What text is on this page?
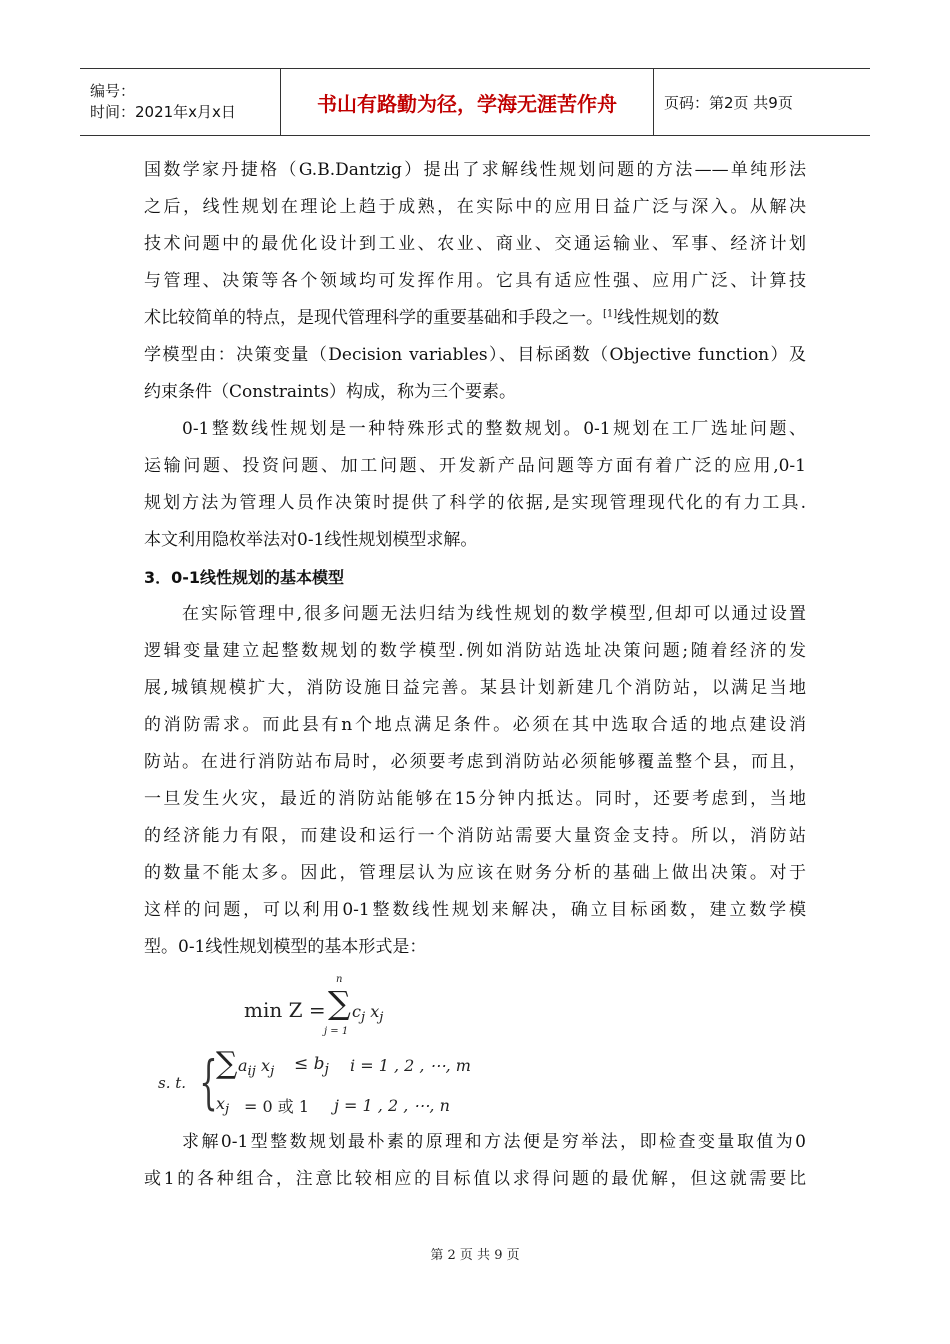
编号：
时间：2021年x月x日	书山有路勤为径，学海无涯苦作舟	页码：第2页 共9页
国数学家丹捷格（G.B.Dantzig）提出了求解线性规划问题的方法——单纯形法
之后，线性规划在理论上趋于成熟，在实际中的应用日益广泛与深入。从解决
技术问题中的最优化设计到工业、农业、商业、交通运输业、军事、经济计划
与管理、决策等各个领域均可发挥作用。它具有适应性强、应用广泛、计算技
术比较简单的特点，是现代管理科学的重要基础和手段之一。[1]线性规划的数
学模型由：决策变量（Decision variables）、目标函数（Objective function）及
约束条件（Constraints）构成，称为三个要素。
0-1整数线性规划是一种特殊形式的整数规划。0-1规划在工厂选址问题、
运输问题、投资问题、加工问题、开发新产品问题等方面有着广泛的应用,0-1
规划方法为管理人员作决策时提供了科学的依据,是实现管理现代化的有力工具.
本文利用隐枚举法对0-1线性规划模型求解。
3．0-1线性规划的基本模型
在实际管理中,很多问题无法归结为线性规划的数学模型,但却可以通过设置
逻辑变量建立起整数规划的数学模型.例如消防站选址决策问题;随着经济的发
展,城镇规模扩大，消防设施日益完善。某县计划新建几个消防站，以满足当地
的消防需求。而此县有n个地点满足条件。必须在其中选取合适的地点建设消
防站。在进行消防站布局时，必须要考虑到消防站必须能够覆盖整个县，而且，
一旦发生火灾，最近的消防站能够在15分钟内抵达。同时，还要考虑到，当地
的经济能力有限，而建设和运行一个消防站需要大量资金支持。所以，消防站
的数量不能太多。因此，管理层认为应该在财务分析的基础上做出决策。对于
这样的问题，可以利用0-1整数线性规划来解决，确立目标函数，建立数学模
型。0-1线性规划模型的基本形式是：
min Z =
n
∑ $c_j$ $x_j$
j = 1
s. t. {
∑ $a_{ij}$ $x_j \le b_j$ i = 1 , 2 , ⋯, m
$x_j = 0$ 或 1 j = 1 , 2 , ⋯, n
求解0-1型整数规划最朴素的原理和方法便是穷举法，即检查变量取值为0
或1的各种组合，注意比较相应的目标值以求得问题的最优解，但这就需要比
第 2 页 共 9 页
